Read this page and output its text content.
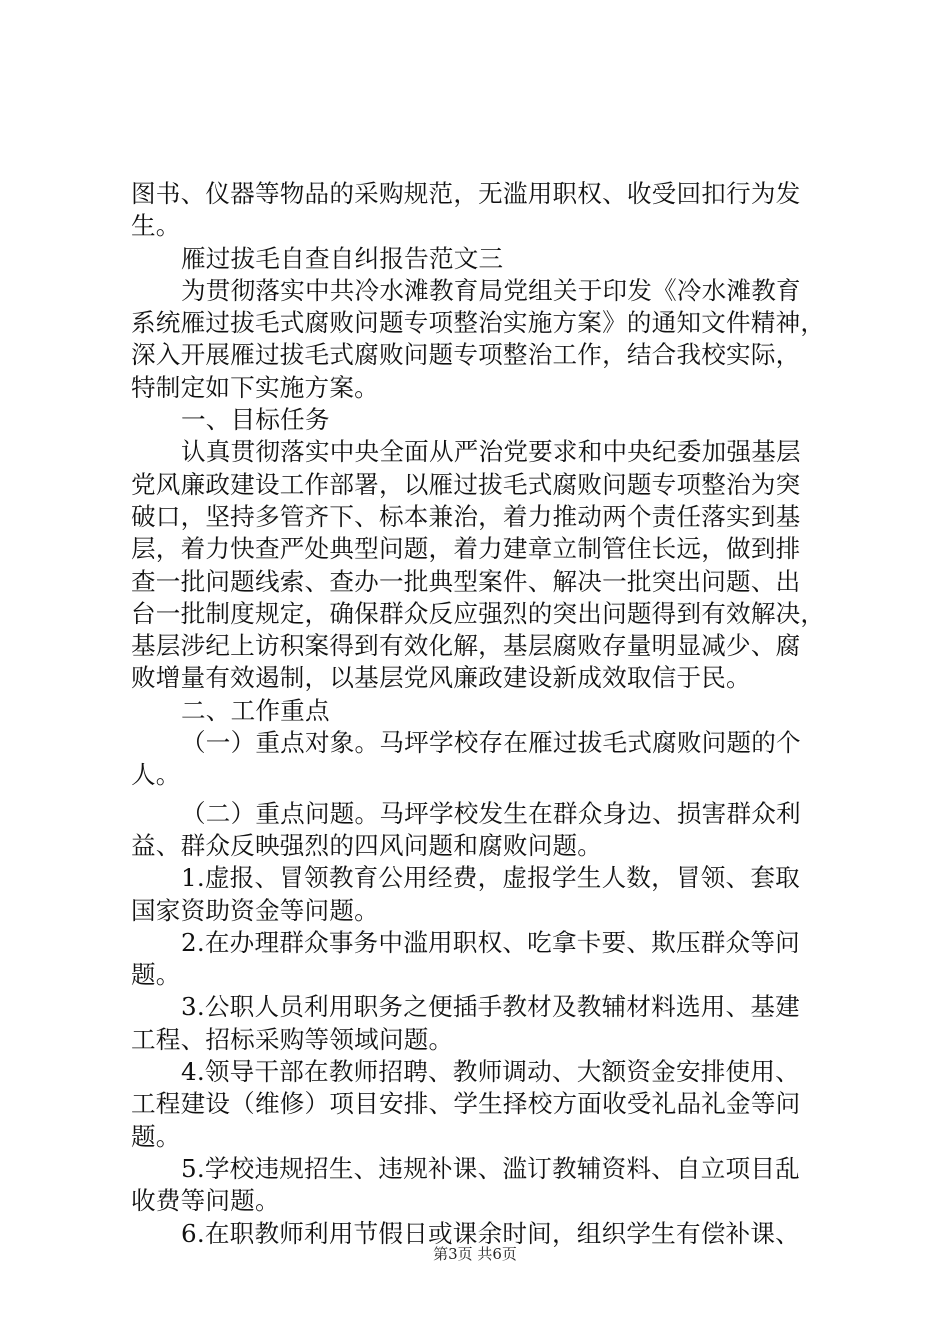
图书、仪器等物品的采购规范，无滥用职权、收受回扣行为发
生。
雁过拔毛自查自纠报告范文三
为贯彻落实中共冷水滩教育局党组关于印发《冷水滩教育
系统雁过拔毛式腐败问题专项整治实施方案》的通知文件精神，
深入开展雁过拔毛式腐败问题专项整治工作，结合我校实际，
特制定如下实施方案。
一、目标任务
认真贯彻落实中央全面从严治党要求和中央纪委加强基层
党风廉政建设工作部署，以雁过拔毛式腐败问题专项整治为突
破口，坚持多管齐下、标本兼治，着力推动两个责任落实到基
层，着力快查严处典型问题，着力建章立制管住长远，做到排
查一批问题线索、查办一批典型案件、解决一批突出问题、出
台一批制度规定，确保群众反应强烈的突出问题得到有效解决，
基层涉纪上访积案得到有效化解，基层腐败存量明显减少、腐
败增量有效遏制，以基层党风廉政建设新成效取信于民。
二、工作重点
（一）重点对象。马坪学校存在雁过拔毛式腐败问题的个
人。
（二）重点问题。马坪学校发生在群众身边、损害群众利
益、群众反映强烈的四风问题和腐败问题。
1.虚报、冒领教育公用经费，虚报学生人数，冒领、套取
国家资助资金等问题。
2.在办理群众事务中滥用职权、吃拿卡要、欺压群众等问
题。
3.公职人员利用职务之便插手教材及教辅材料选用、基建
工程、招标采购等领域问题。
4.领导干部在教师招聘、教师调动、大额资金安排使用、
工程建设（维修）项目安排、学生择校方面收受礼品礼金等问
题。
5.学校违规招生、违规补课、滥订教辅资料、自立项目乱
收费等问题。
6.在职教师利用节假日或课余时间，组织学生有偿补课、
第3页 共6页
